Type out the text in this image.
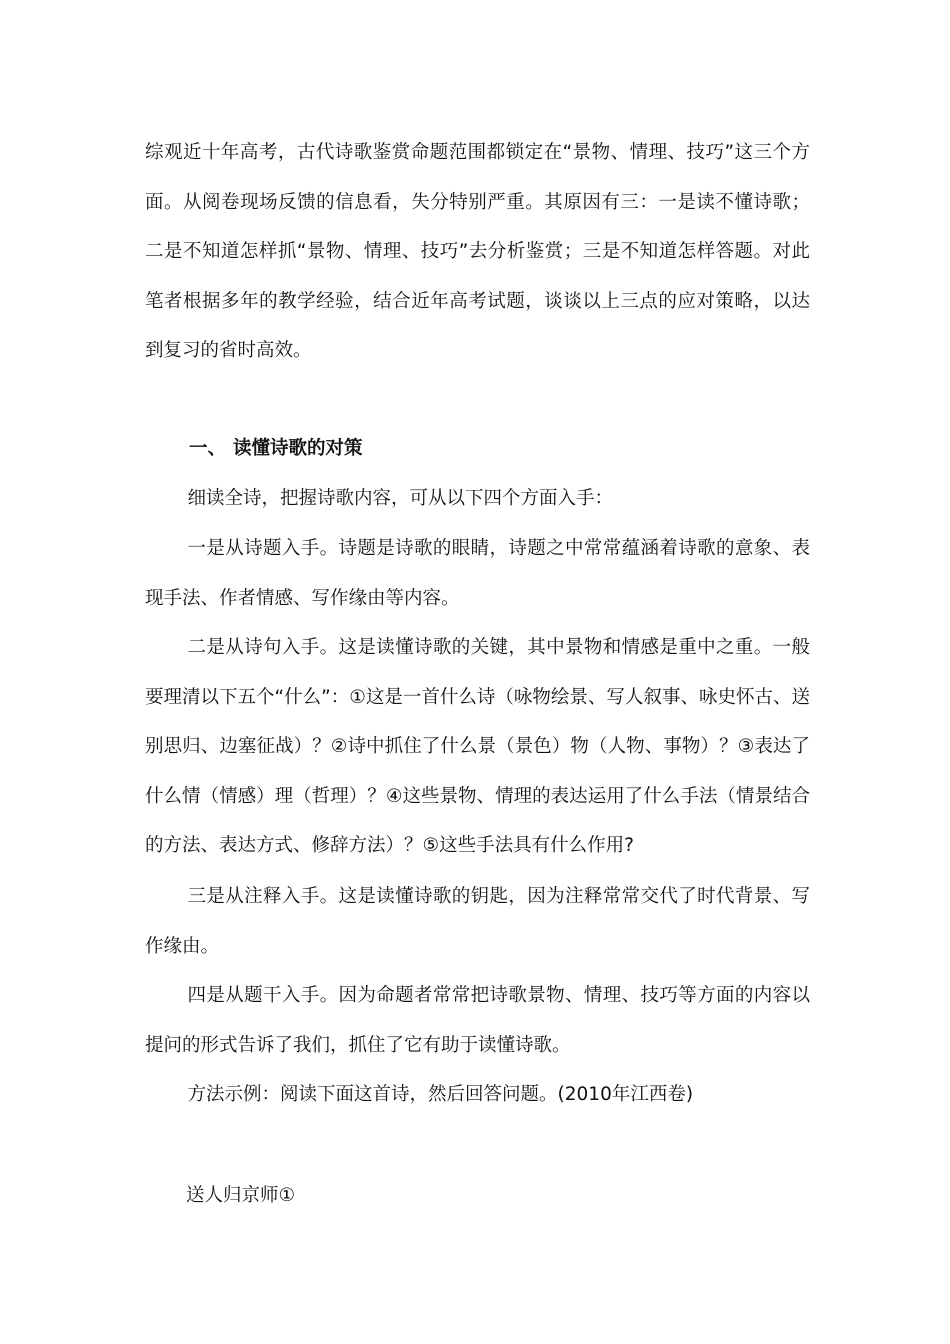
综观近十年高考，古代诗歌鉴赏命题范围都锁定在“景物、情理、技巧”这三个方面。从阅卷现场反馈的信息看，失分特别严重。其原因有三：一是读不懂诗歌；二是不知道怎样抓“景物、情理、技巧”去分析鉴赏；三是不知道怎样答题。对此笔者根据多年的教学经验，结合近年高考试题，谈谈以上三点的应对策略，以达到复习的省时高效。

一、 读懂诗歌的对策

细读全诗，把握诗歌内容，可从以下四个方面入手：

一是从诗题入手。诗题是诗歌的眼睛，诗题之中常常蕴涵着诗歌的意象、表现手法、作者情感、写作缘由等内容。

二是从诗句入手。这是读懂诗歌的关键，其中景物和情感是重中之重。一般要理清以下五个“什么”：①这是一首什么诗（咏物绘景、写人叙事、咏史怀古、送别思归、边塞征战）？②诗中抓住了什么景（景色）物（人物、事物）？③表达了什么情（情感）理（哲理）？④这些景物、情理的表达运用了什么手法（情景结合的方法、表达方式、修辞方法）？⑤这些手法具有什么作用?

三是从注释入手。这是读懂诗歌的钥匙，因为注释常常交代了时代背景、写作缘由。

四是从题干入手。因为命题者常常把诗歌景物、情理、技巧等方面的内容以提问的形式告诉了我们，抓住了它有助于读懂诗歌。

方法示例：阅读下面这首诗，然后回答问题。(2010年江西卷)

送人归京师①
